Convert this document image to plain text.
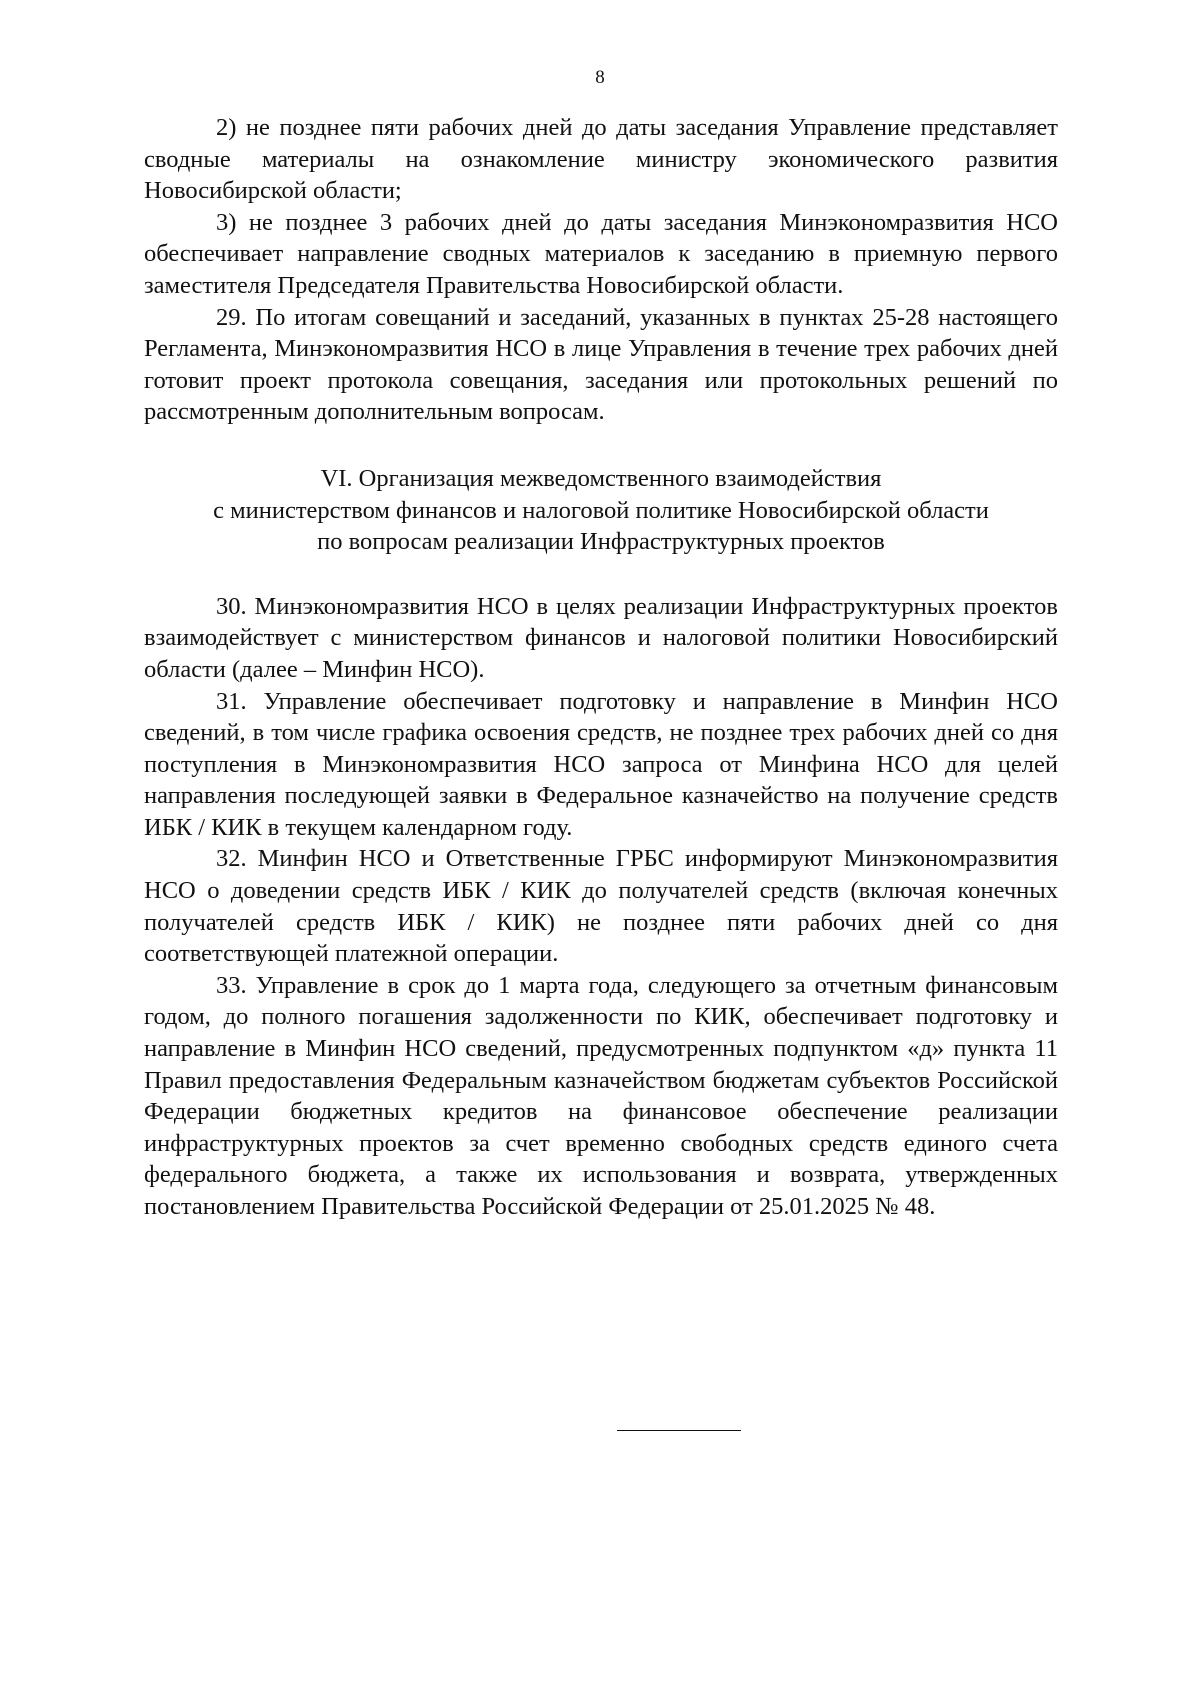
8

2) не позднее пяти рабочих дней до даты заседания Управление представляет сводные материалы на ознакомление министру экономического развития Новосибирской области;

3) не позднее 3 рабочих дней до даты заседания Минэкономразвития НСО обеспечивает направление сводных материалов к заседанию в приемную первого заместителя Председателя Правительства Новосибирской области.

29. По итогам совещаний и заседаний, указанных в пунктах 25-28 настоящего Регламента, Минэкономразвития НСО в лице Управления в течение трех рабочих дней готовит проект протокола совещания, заседания или протокольных решений по рассмотренным дополнительным вопросам.

VI. Организация межведомственного взаимодействия
с министерством финансов и налоговой политике Новосибирской области
по вопросам реализации Инфраструктурных проектов

30. Минэкономразвития НСО в целях реализации Инфраструктурных проектов взаимодействует с министерством финансов и налоговой политики Новосибирский области (далее – Минфин НСО).

31. Управление обеспечивает подготовку и направление в Минфин НСО сведений, в том числе графика освоения средств, не позднее трех рабочих дней со дня поступления в Минэкономразвития НСО запроса от Минфина НСО для целей направления последующей заявки в Федеральное казначейство на получение средств ИБК / КИК в текущем календарном году.

32. Минфин НСО и Ответственные ГРБС информируют Минэкономразвития НСО о доведении средств ИБК / КИК до получателей средств (включая конечных получателей средств ИБК / КИК) не позднее пяти рабочих дней со дня соответствующей платежной операции.

33. Управление в срок до 1 марта года, следующего за отчетным финансовым годом, до полного погашения задолженности по КИК, обеспечивает подготовку и направление в Минфин НСО сведений, предусмотренных подпунктом «д» пункта 11 Правил предоставления Федеральным казначейством бюджетам субъектов Российской Федерации бюджетных кредитов на финансовое обеспечение реализации инфраструктурных проектов за счет временно свободных средств единого счета федерального бюджета, а также их использования и возврата, утвержденных постановлением Правительства Российской Федерации от 25.01.2025 № 48.
